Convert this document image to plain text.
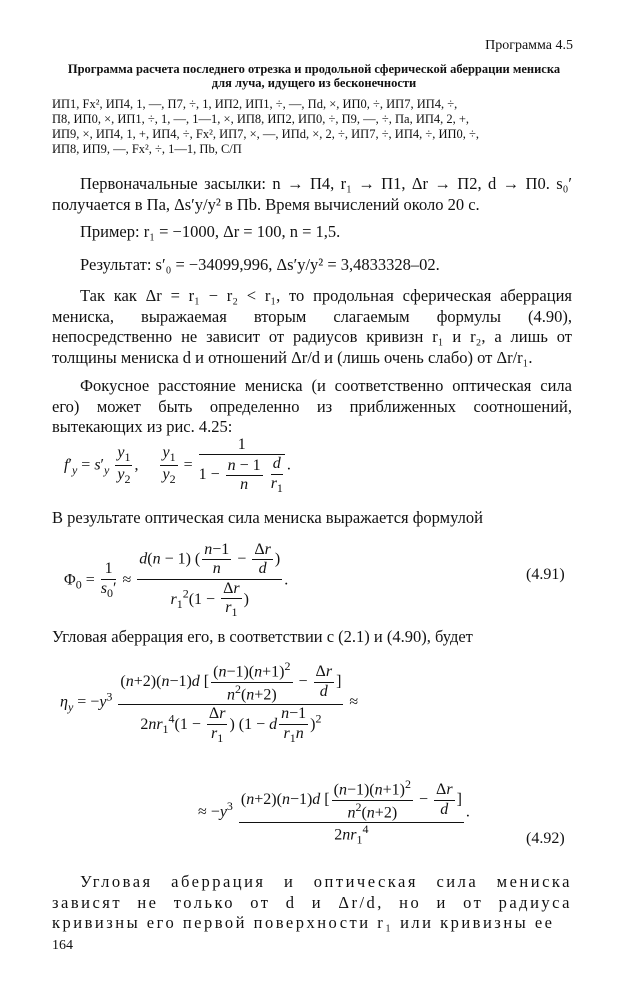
Программа 4.5
Программа расчета последнего отрезка и продольной сферической аберрации мениска для луча, идущего из бесконечности
ИП1, Fx², ИП4, 1, —, П7, ÷, 1, ИП2, ИП1, ÷, —, Пd, ×, ИП0, ÷, ИП7, ИП4, ÷,
П8, ИП0, ×, ИП1, ÷, 1, —, 1—1, ×, ИП8, ИП2, ИП0, ÷, П9, —, ÷, Пa, ИП4, 2, +,
ИП9, ×, ИП4, 1, +, ИП4, ÷, Fx², ИП7, ×, —, ИПd, ×, 2, ÷, ИП7, ÷, ИП4, ÷, ИП0, ÷,
ИП8, ИП9, —, Fx², ÷, 1—1, Пb, С/П
Первоначальные засылки: n → П4, r₁ → П1, Δr → П2, d → П0. s₀′ получается в Пa, Δs′y/y² в Пb. Время вычислений около 20 с.
Пример: r₁ = −1000, Δr = 100, n = 1,5.
Результат: s′₀ = −34099,996, Δs′y/y² = 3,4833328–02.
Так как Δr = r₁ − r₂ < r₁, то продольная сферическая аберрация мениска, выражаемая вторым слагаемым формулы (4.90), непосредственно не зависит от радиусов кривизн r₁ и r₂, а лишь от толщины мениска d и отношений Δr/d и (лишь очень слабо) от Δr/r₁.
Фокусное расстояние мениска (и соответственно оптическая сила его) может быть определенно из приближенных соотношений, вытекающих из рис. 4.25:
$f'_y = s'_y \frac{y_1}{y_2}$ , $\frac{y_1}{y_2} = 1$
$1 - \frac{n - 1}{n}$
$\frac{d}{r_1}$ .
В результате оптическая сила мениска выражается формулой
$\Phi_0 = \frac{1}{s_0'}$ ≈
d(n − 1) ( $\frac{n-1}{n} - \frac{\Delta r}{d}$ )
$r_1^2(1 - \frac{\Delta r}{r_1}$ )
.	(4.91)
Угловая аберрация его, в соответствии с (2.1) и (4.90), будет
$\eta_y = -y^3$
(n+2)(n−1)d [ $\frac{(n-1)(n+1)^2}{n^2(n+2)} - \frac{\Delta r}{d}$ ]
$2nr_1^4(1 - \frac{\Delta r}{r_1}$ ) (1 − d $\frac{n-1}{r_1n} )^2$
≈
≈ $-y^3$ (n+2)(n−1)d [ $\frac{(n-1)(n+1)^2}{n^2(n+2)} - \frac{\Delta r}{d}$ ]
$2nr_1^4$
.
(4.92)
Угловая аберрация и оптическая сила мениска зависят не только от d и Δr/d, но и от радиуса кривизны его первой поверхности r₁ или кривизны ее
164
